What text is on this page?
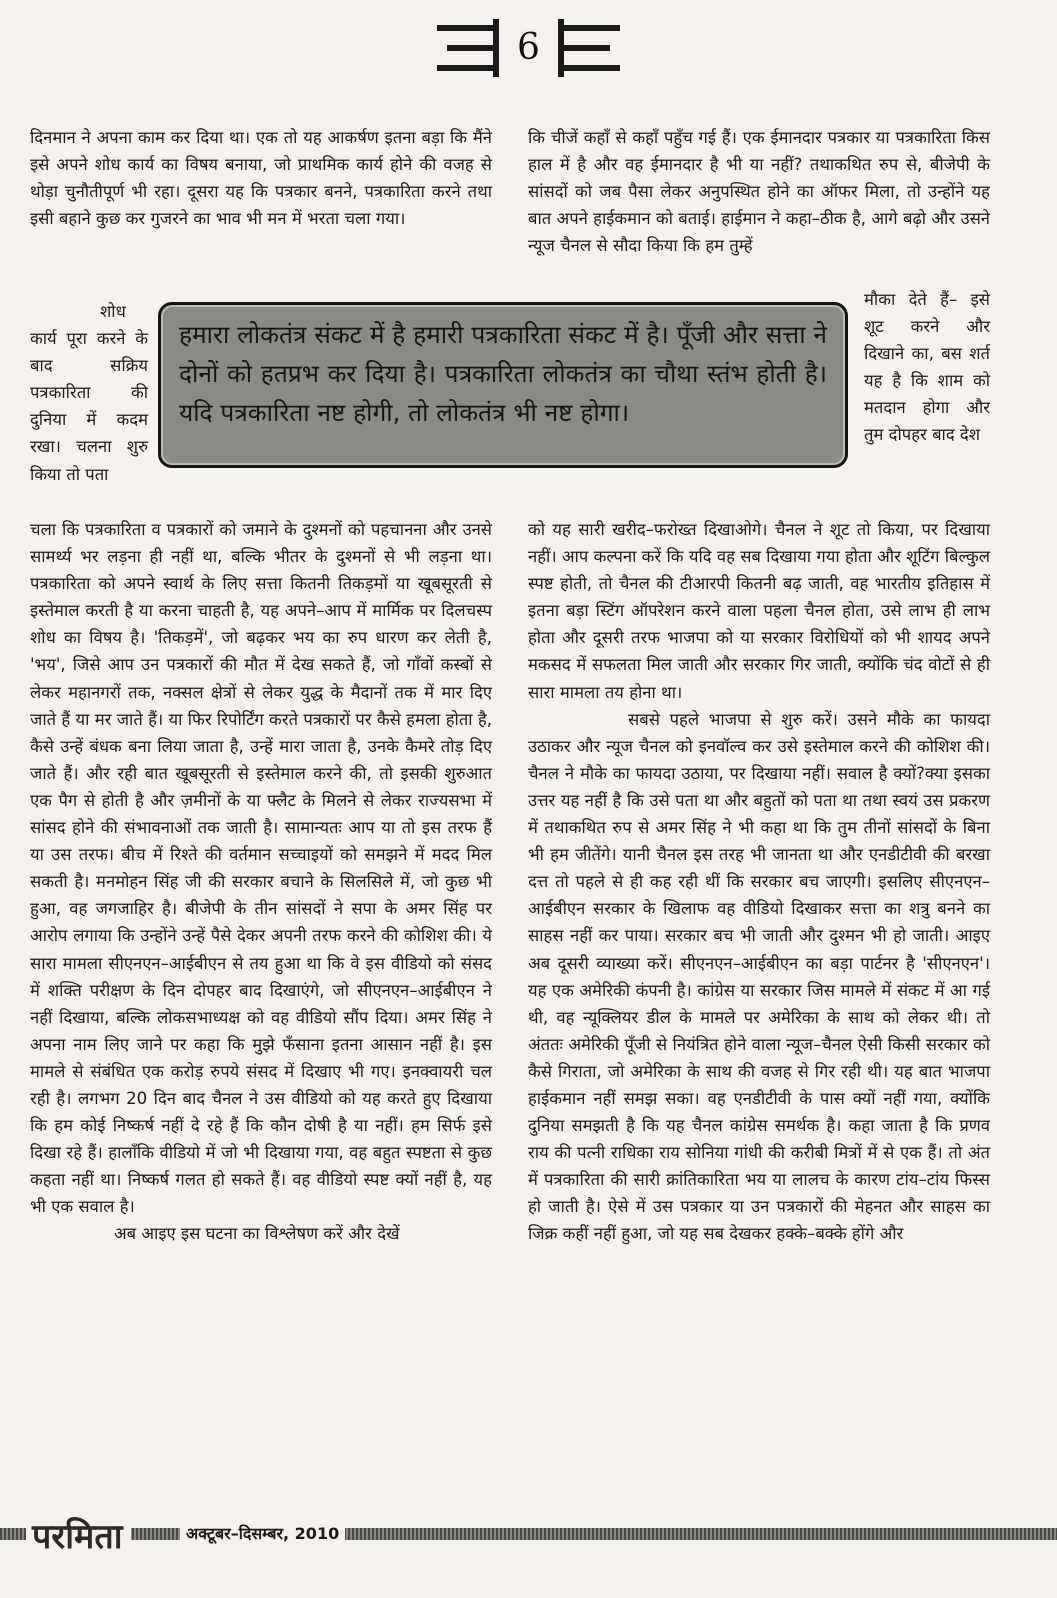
6

दिनमान ने अपना काम कर दिया था। एक तो यह आकर्षण इतना बड़ा कि मैंने इसे अपने शोध कार्य का विषय बनाया, जो प्राथमिक कार्य होने की वजह से थोड़ा चुनौतीपूर्ण भी रहा। दूसरा यह कि पत्रकार बनने, पत्रकारिता करने तथा इसी बहाने कुछ कर गुजरने का भाव भी मन में भरता चला गया।

कि चीजें कहाँ से कहाँ पहुँच गई हैं। एक ईमानदार पत्रकार या पत्रकारिता किस हाल में है और वह ईमानदार है भी या नहीं? तथाकथित रुप से, बीजेपी के सांसदों को जब पैसा लेकर अनुपस्थित होने का ऑफर मिला, तो उन्होंने यह बात अपने हाईकमान को बताई। हाईमान ने कहा–ठीक है, आगे बढ़ो और उसने न्यूज चैनल से सौदा किया कि हम तुम्हें

शोध कार्य पूरा करने के बाद सक्रिय पत्रकारिता की दुनिया में कदम रखा। चलना शुरु किया तो पता

मौका देते हैं– इसे शूट करने और दिखाने का, बस शर्त यह है कि शाम को मतदान होगा और तुम दोपहर बाद देश

हमारा लोकतंत्र संकट में है हमारी पत्रकारिता संकट में है। पूँजी और सत्ता ने दोनों को हतप्रभ कर दिया है। पत्रकारिता लोकतंत्र का चौथा स्तंभ होती है। यदि पत्रकारिता नष्ट होगी, तो लोकतंत्र भी नष्ट होगा।

चला कि पत्रकारिता व पत्रकारों को जमाने के दुश्मनों को पहचानना और उनसे सामर्थ्य भर लड़ना ही नहीं था, बल्कि भीतर के दुश्मनों से भी लड़ना था। पत्रकारिता को अपने स्वार्थ के लिए सत्ता कितनी तिकड़मों या खूबसूरती से इस्तेमाल करती है या करना चाहती है, यह अपने–आप में मार्मिक पर दिलचस्प शोध का विषय है। 'तिकड़में', जो बढ़कर भय का रुप धारण कर लेती है, 'भय', जिसे आप उन पत्रकारों की मौत में देख सकते हैं, जो गाँवों कस्बों से लेकर महानगरों तक, नक्सल क्षेत्रों से लेकर युद्ध के मैदानों तक में मार दिए जाते हैं या मर जाते हैं। या फिर रिपोर्टिंग करते पत्रकारों पर कैसे हमला होता है, कैसे उन्हें बंधक बना लिया जाता है, उन्हें मारा जाता है, उनके कैमरे तोड़ दिए जाते हैं। और रही बात खूबसूरती से इस्तेमाल करने की, तो इसकी शुरुआत एक पैग से होती है और ज़मीनों के या फ्लैट के मिलने से लेकर राज्यसभा में सांसद होने की संभावनाओं तक जाती है। सामान्यतः आप या तो इस तरफ हैं या उस तरफ। बीच में रिश्ते की वर्तमान सच्चाइयों को समझने में मदद मिल सकती है। मनमोहन सिंह जी की सरकार बचाने के सिलसिले में, जो कुछ भी हुआ, वह जगजाहिर है। बीजेपी के तीन सांसदों ने सपा के अमर सिंह पर आरोप लगाया कि उन्होंने उन्हें पैसे देकर अपनी तरफ करने की कोशिश की। ये सारा मामला सीएनएन–आईबीएन से तय हुआ था कि वे इस वीडियो को संसद में शक्ति परीक्षण के दिन दोपहर बाद दिखाएंगे, जो सीएनएन–आईबीएन ने नहीं दिखाया, बल्कि लोकसभाध्यक्ष को वह वीडियो सौंप दिया। अमर सिंह ने अपना नाम लिए जाने पर कहा कि मुझे फँसाना इतना आसान नहीं है। इस मामले से संबंधित एक करोड़ रुपये संसद में दिखाए भी गए। इनक्वायरी चल रही है। लगभग 20 दिन बाद चैनल ने उस वीडियो को यह करते हुए दिखाया कि हम कोई निष्कर्ष नहीं दे रहे हैं कि कौन दोषी है या नहीं। हम सिर्फ इसे दिखा रहे हैं। हालाँकि वीडियो में जो भी दिखाया गया, वह बहुत स्पष्टता से कुछ कहता नहीं था। निष्कर्ष गलत हो सकते हैं। वह वीडियो स्पष्ट क्यों नहीं है, यह भी एक सवाल है।

अब आइए इस घटना का विश्लेषण करें और देखें

को यह सारी खरीद–फरोख्त दिखाओगे। चैनल ने शूट तो किया, पर दिखाया नहीं। आप कल्पना करें कि यदि वह सब दिखाया गया होता और शूटिंग बिल्कुल स्पष्ट होती, तो चैनल की टीआरपी कितनी बढ़ जाती, वह भारतीय इतिहास में इतना बड़ा स्टिंग ऑपरेशन करने वाला पहला चैनल होता, उसे लाभ ही लाभ होता और दूसरी तरफ भाजपा को या सरकार विरोधियों को भी शायद अपने मकसद में सफलता मिल जाती और सरकार गिर जाती, क्योंकि चंद वोटों से ही सारा मामला तय होना था।

सबसे पहले भाजपा से शुरु करें। उसने मौके का फायदा उठाकर और न्यूज चैनल को इनवॉल्व कर उसे इस्तेमाल करने की कोशिश की। चैनल ने मौके का फायदा उठाया, पर दिखाया नहीं। सवाल है क्यों?क्या इसका उत्तर यह नहीं है कि उसे पता था और बहुतों को पता था तथा स्वयं उस प्रकरण में तथाकथित रुप से अमर सिंह ने भी कहा था कि तुम तीनों सांसदों के बिना भी हम जीतेंगे। यानी चैनल इस तरह भी जानता था और एनडीटीवी की बरखा दत्त तो पहले से ही कह रही थीं कि सरकार बच जाएगी। इसलिए सीएनएन–आईबीएन सरकार के खिलाफ वह वीडियो दिखाकर सत्ता का शत्रु बनने का साहस नहीं कर पाया। सरकार बच भी जाती और दुश्मन भी हो जाती। आइए अब दूसरी व्याख्या करें। सीएनएन–आईबीएन का बड़ा पार्टनर है 'सीएनएन'। यह एक अमेरिकी कंपनी है। कांग्रेस या सरकार जिस मामले में संकट में आ गई थी, वह न्यूक्लियर डील के मामले पर अमेरिका के साथ को लेकर थी। तो अंततः अमेरिकी पूँजी से नियंत्रित होने वाला न्यूज–चैनल ऐसी किसी सरकार को कैसे गिराता, जो अमेरिका के साथ की वजह से गिर रही थी। यह बात भाजपा हाईकमान नहीं समझ सका। वह एनडीटीवी के पास क्यों नहीं गया, क्योंकि दुनिया समझती है कि यह चैनल कांग्रेस समर्थक है। कहा जाता है कि प्रणव राय की पत्नी राधिका राय सोनिया गांधी की करीबी मित्रों में से एक हैं। तो अंत में पत्रकारिता की सारी क्रांतिकारिता भय या लालच के कारण टांय–टांय फिस्स हो जाती है। ऐसे में उस पत्रकार या उन पत्रकारों की मेहनत और साहस का जिक्र कहीं नहीं हुआ, जो यह सब देखकर हक्के–बक्के होंगे और

परमिता	अक्टूबर–दिसम्बर, 2010
